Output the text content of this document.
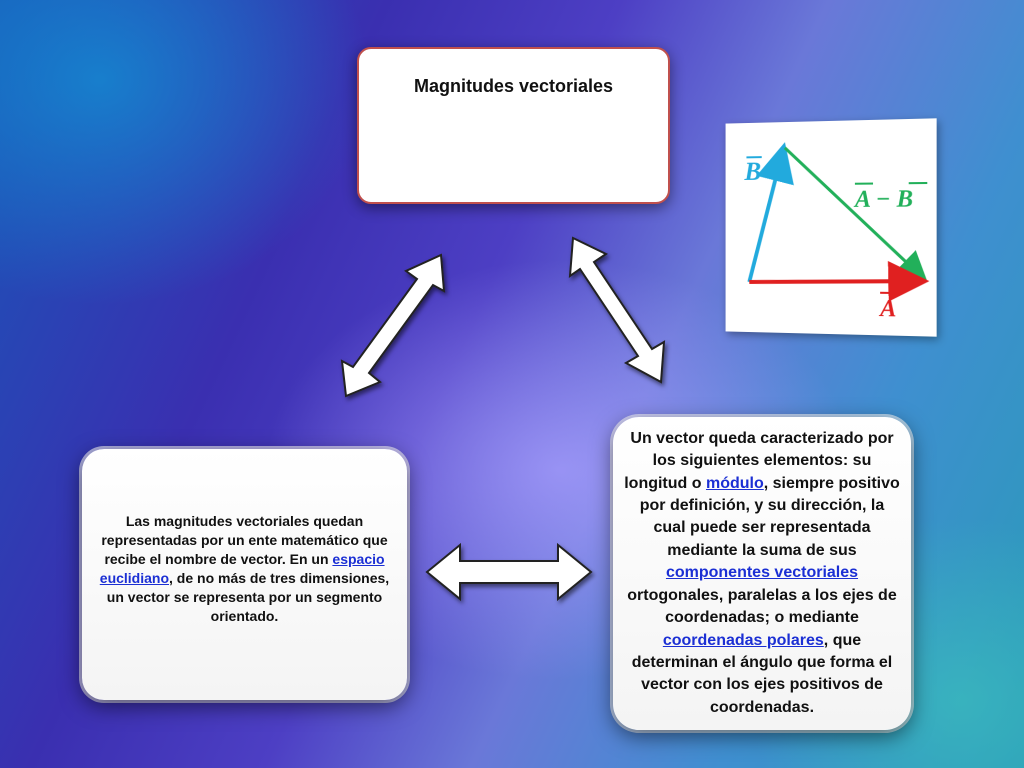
Magnitudes vectoriales
B
A − B
A

Las magnitudes vectoriales quedan representadas por un ente matemático que recibe el nombre de vector. En un espacio euclidiano, de no más de tres dimensiones, un vector se representa por un segmento orientado.

Un vector queda caracterizado por los siguientes elementos: su longitud o módulo, siempre positivo por definición, y su dirección, la cual puede ser representada mediante la suma de sus componentes vectoriales ortogonales, paralelas a los ejes de coordenadas; o mediante coordenadas polares, que determinan el ángulo que forma el vector con los ejes positivos de coordenadas.
